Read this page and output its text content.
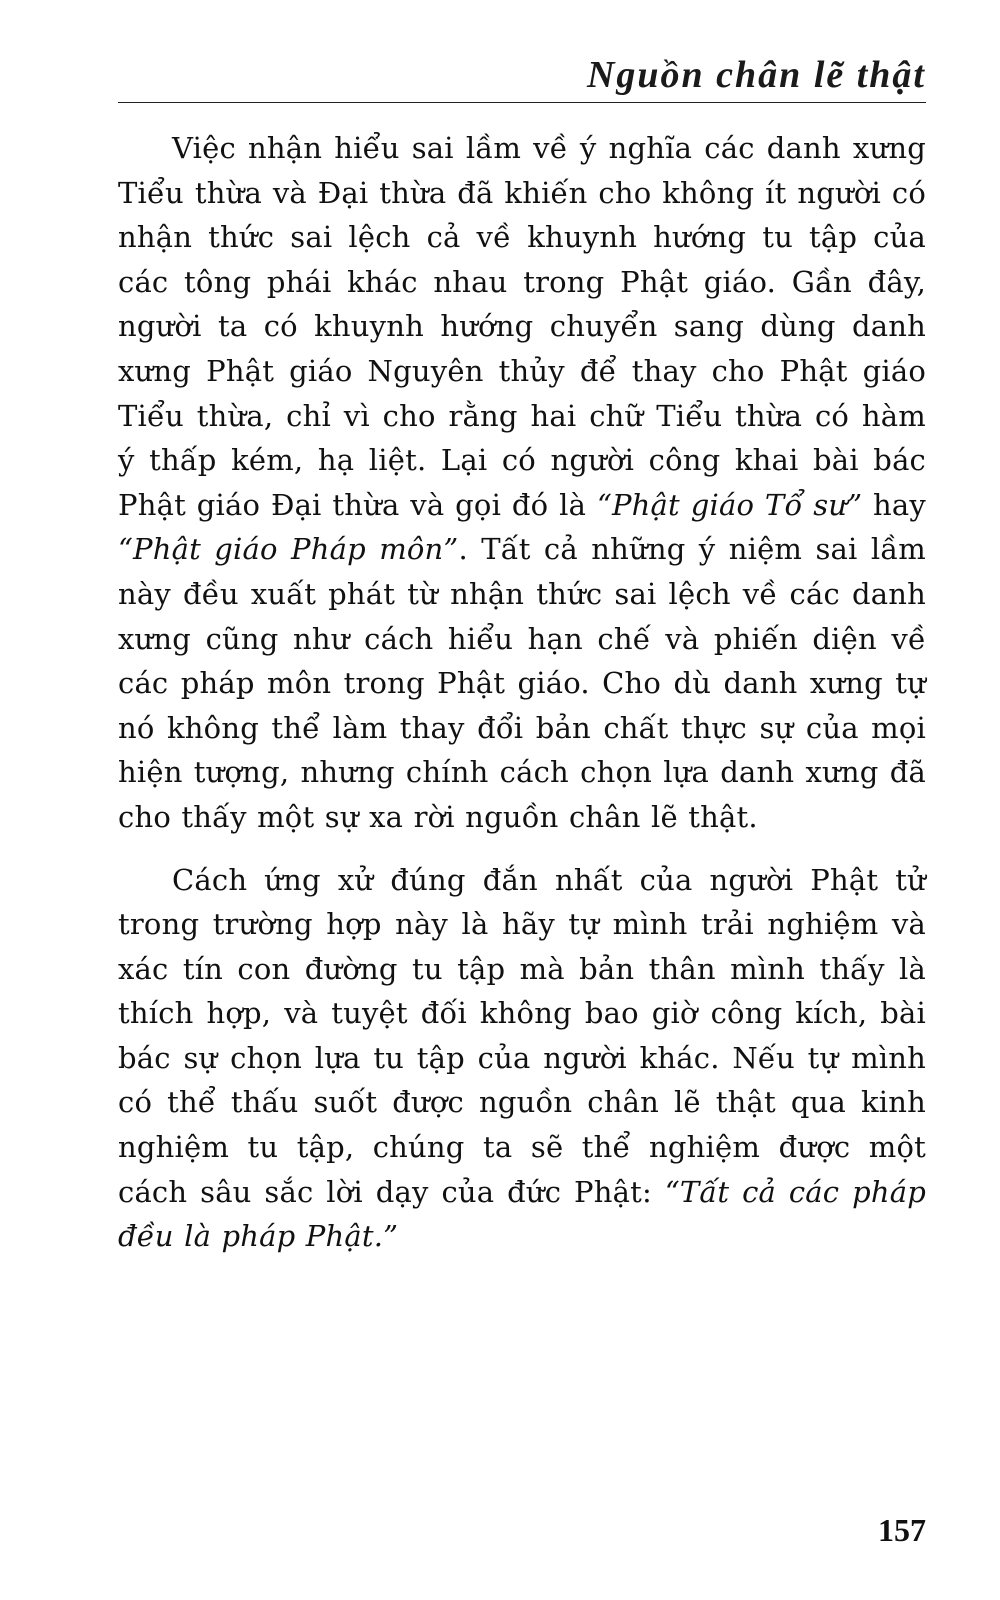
Nguồn chân lẽ thật

Việc nhận hiểu sai lầm về ý nghĩa các danh xưng Tiểu thừa và Đại thừa đã khiến cho không ít người có nhận thức sai lệch cả về khuynh hướng tu tập của các tông phái khác nhau trong Phật giáo. Gần đây, người ta có khuynh hướng chuyển sang dùng danh xưng Phật giáo Nguyên thủy để thay cho Phật giáo Tiểu thừa, chỉ vì cho rằng hai chữ Tiểu thừa có hàm ý thấp kém, hạ liệt. Lại có người công khai bài bác Phật giáo Đại thừa và gọi đó là “Phật giáo Tổ sư” hay “Phật giáo Pháp môn”. Tất cả những ý niệm sai lầm này đều xuất phát từ nhận thức sai lệch về các danh xưng cũng như cách hiểu hạn chế và phiến diện về các pháp môn trong Phật giáo. Cho dù danh xưng tự nó không thể làm thay đổi bản chất thực sự của mọi hiện tượng, nhưng chính cách chọn lựa danh xưng đã cho thấy một sự xa rời nguồn chân lẽ thật.

Cách ứng xử đúng đắn nhất của người Phật tử trong trường hợp này là hãy tự mình trải nghiệm và xác tín con đường tu tập mà bản thân mình thấy là thích hợp, và tuyệt đối không bao giờ công kích, bài bác sự chọn lựa tu tập của người khác. Nếu tự mình có thể thấu suốt được nguồn chân lẽ thật qua kinh nghiệm tu tập, chúng ta sẽ thể nghiệm được một cách sâu sắc lời dạy của đức Phật: “Tất cả các pháp đều là pháp Phật.”

157
